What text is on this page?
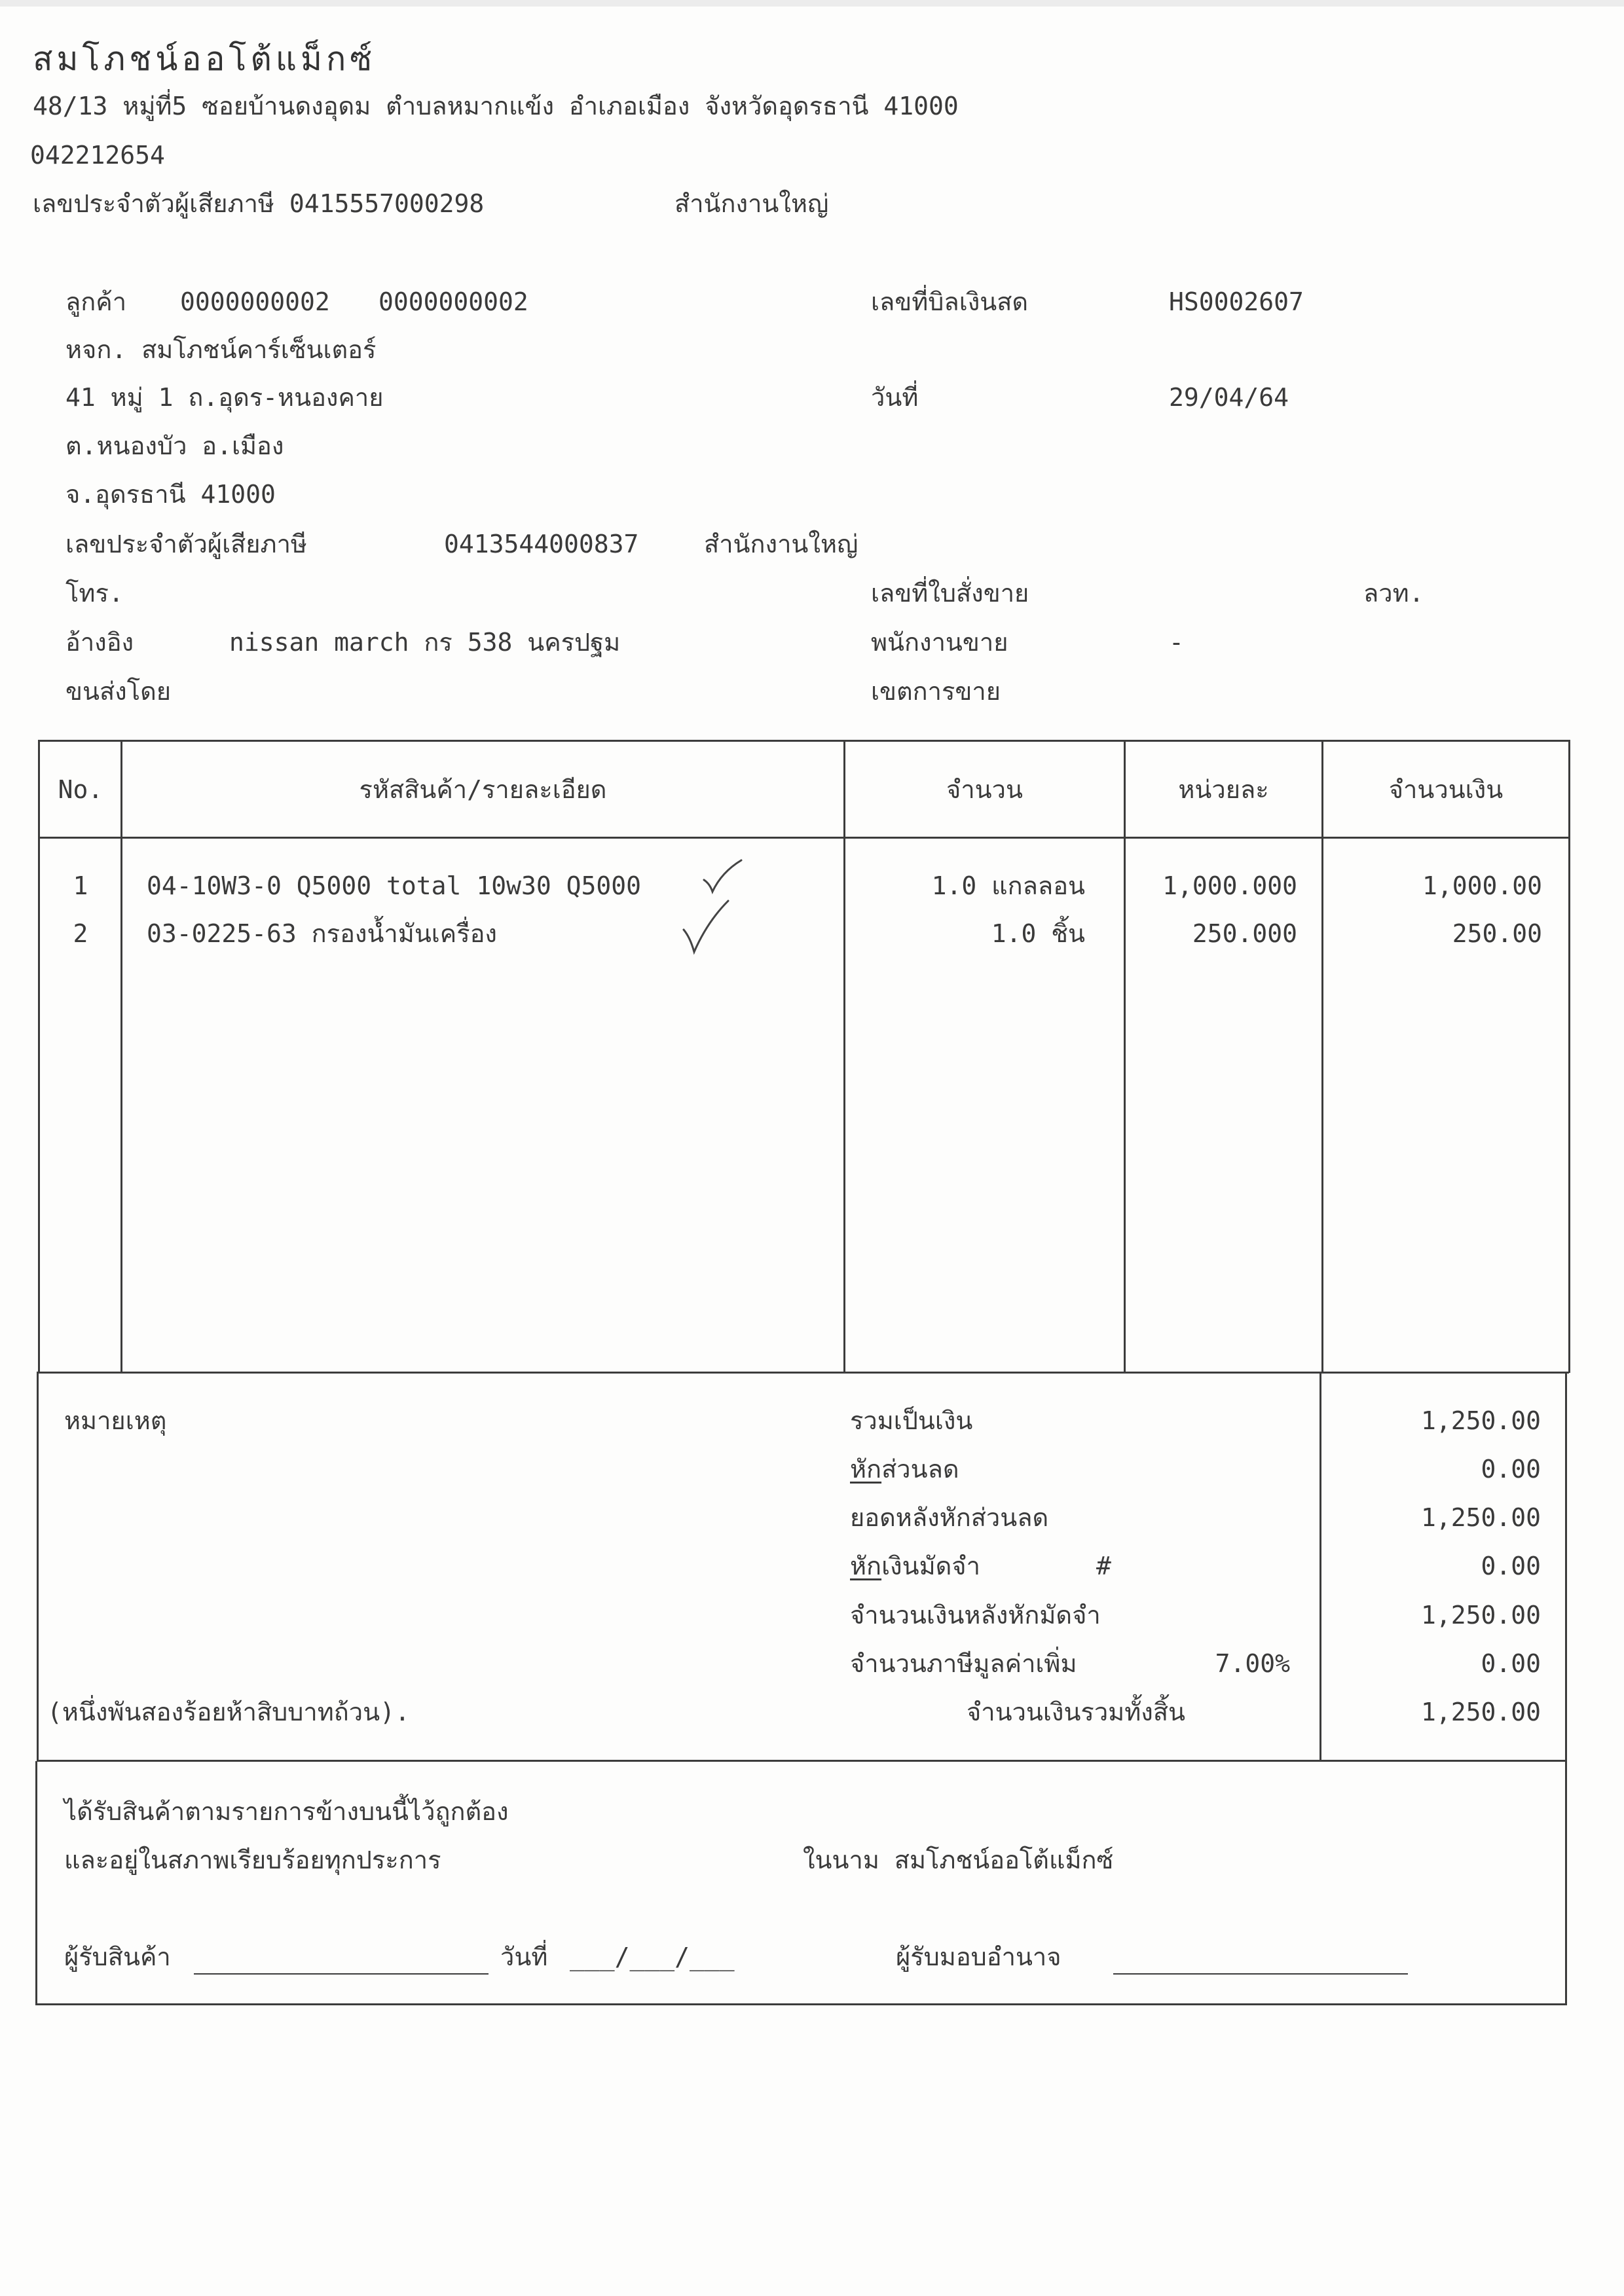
สมโภชน์ออโต้แม็กซ์
48/13 หมู่ที่5 ซอยบ้านดงอุดม ตำบลหมากแข้ง อำเภอเมือง จังหวัดอุดรธานี 41000
042212654
เลขประจำตัวผู้เสียภาษี 0415557000298	สำนักงานใหญ่
ลูกค้า 0000000002 0000000002
หจก. สมโภชน์คาร์เซ็นเตอร์
41 หมู่ 1 ถ.อุดร-หนองคาย
ต.หนองบัว อ.เมือง
จ.อุดรธานี 41000
เลขประจำตัวผู้เสียภาษี	0413544000837	สำนักงานใหญ่
โทร.
อ้างอิง	nissan march กร 538 นครปฐม
ขนส่งโดย
เลขที่บิลเงินสด	HS0002607
วันที่	29/04/64
เลขที่ใบสั่งขาย	ลวท.
พนักงานขาย	-
เขตการขาย
No.	รหัสสินค้า/รายละเอียด	จำนวน	หน่วยละ	จำนวนเงิน
1	04-10W3-0 Q5000 total 10w30 Q5000	1.0 แกลลอน	1,000.000	1,000.00
2	03-0225-63 กรองน้ำมันเครื่อง	1.0 ชิ้น	250.000	250.00
หมายเหตุ	รวมเป็นเงิน	1,250.00
หักส่วนลด	0.00
ยอดหลังหักส่วนลด	1,250.00
หักเงินมัดจำ	#	0.00
จำนวนเงินหลังหักมัดจำ	1,250.00
จำนวนภาษีมูลค่าเพิ่ม	7.00%	0.00
(หนึ่งพันสองร้อยห้าสิบบาทถ้วน).	จำนวนเงินรวมทั้งสิ้น	1,250.00
ได้รับสินค้าตามรายการข้างบนนี้ไว้ถูกต้อง
และอยู่ในสภาพเรียบร้อยทุกประการ	ในนาม สมโภชน์ออโต้แม็กซ์
ผู้รับสินค้า	วันที่ ___/___/___	ผู้รับมอบอำนาจ
